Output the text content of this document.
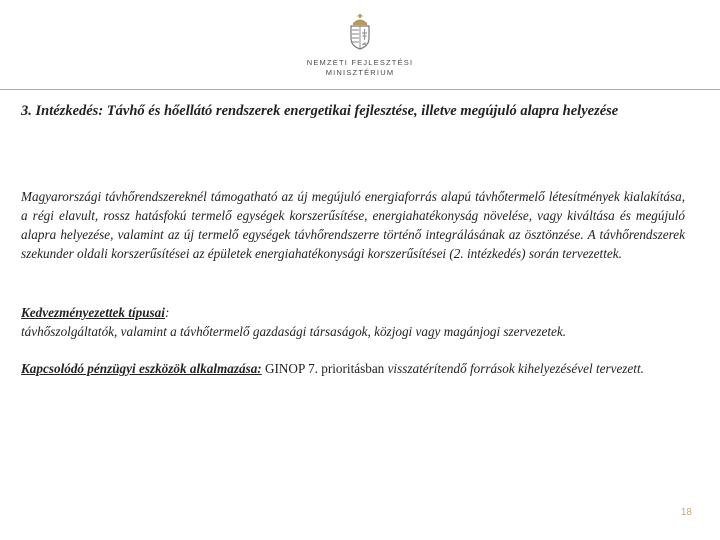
NEMZETI FEJLESZTÉSI
MINISZTÉRIUM
3. Intézkedés: Távhő és hőellátó rendszerek energetikai fejlesztése, illetve megújuló alapra helyezése
Magyarországi távhőrendszereknél támogatható az új megújuló energiaforrás alapú távhőtermelő létesítmények kialakítása, a régi elavult, rossz hatásfokú termelő egységek korszerűsítése, energiahatékonyság növelése, vagy kiváltása és megújuló alapra helyezése, valamint az új termelő egységek távhőrendszerre történő integrálásának az ösztönzése. A távhőrendszerek szekunder oldali korszerűsítései az épületek energiahatékonysági korszerűsítései (2. intézkedés) során tervezettek.
Kedvezményezettek típusai:
távhőszolgáltatók, valamint a távhőtermelő gazdasági társaságok, közjogi vagy magánjogi szervezetek.
Kapcsolódó pénzügyi eszközök alkalmazása: GINOP 7. prioritásban visszatérítendő források kihelyezésével tervezett.
18
